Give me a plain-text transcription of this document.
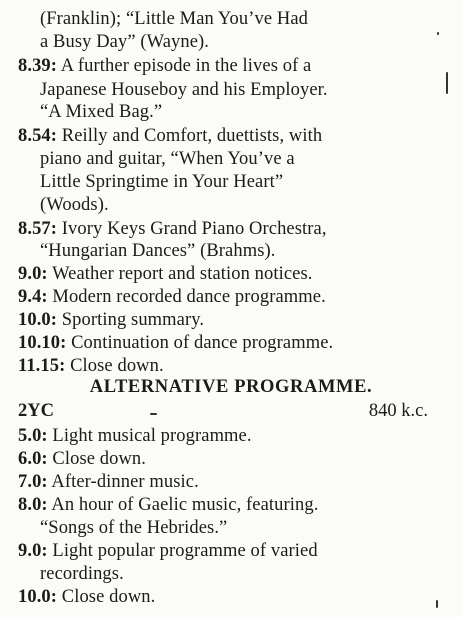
(Franklin); “Little Man You’ve Had
a Busy Day” (Wayne).
8.39: A further episode in the lives of a
Japanese Houseboy and his Employer.
“A Mixed Bag.”
8.54: Reilly and Comfort, duettists, with
piano and guitar, “When You’ve a
Little Springtime in Your Heart”
(Woods).
8.57: Ivory Keys Grand Piano Orchestra,
“Hungarian Dances” (Brahms).
9.0: Weather report and station notices.
9.4: Modern recorded dance programme.
10.0: Sporting summary.
10.10: Continuation of dance programme.
11.15: Close down.
ALTERNATIVE PROGRAMME.
2YC	840 k.c.
5.0: Light musical programme.
6.0: Close down.
7.0: After-dinner music.
8.0: An hour of Gaelic music, featuring.
“Songs of the Hebrides.”
9.0: Light popular programme of varied
recordings.
10.0: Close down.
